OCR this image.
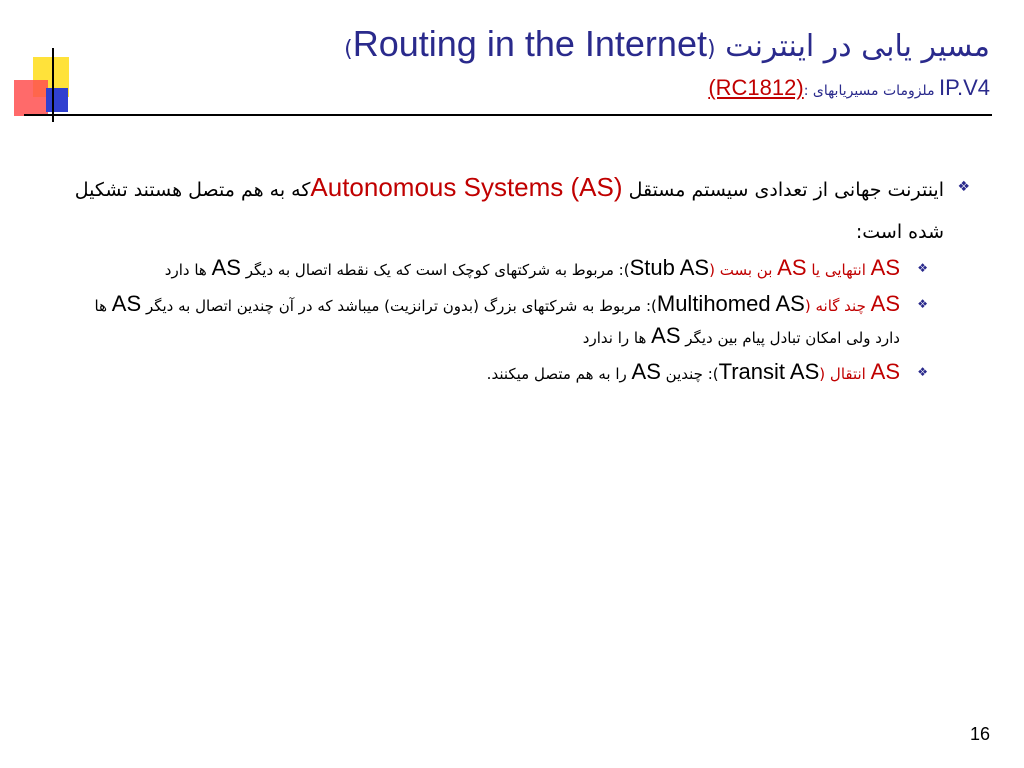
مسیر یابی در اینترنت (Routing in the Internet)
IP.V4 ملزومات مسیریابهای :(RC1812)
❖
اینترنت جهانی از تعدادی سیستم مستقل Autonomous Systems (AS)که به هم متصل هستند تشکیل شده است:
❖
AS انتهایی یا AS بن بست (Stub AS): مربوط به شرکتهای کوچک است که یک نقطه اتصال به دیگر AS ها دارد
❖
AS چند گانه (Multihomed AS): مربوط به شرکتهای بزرگ (بدون ترانزیت) میباشد که در آن چندین اتصال به دیگر AS ها دارد ولی امکان تبادل پیام بین دیگر AS ها را ندارد
❖
AS انتقال (Transit AS): چندین AS را به هم متصل میکنند.
16
